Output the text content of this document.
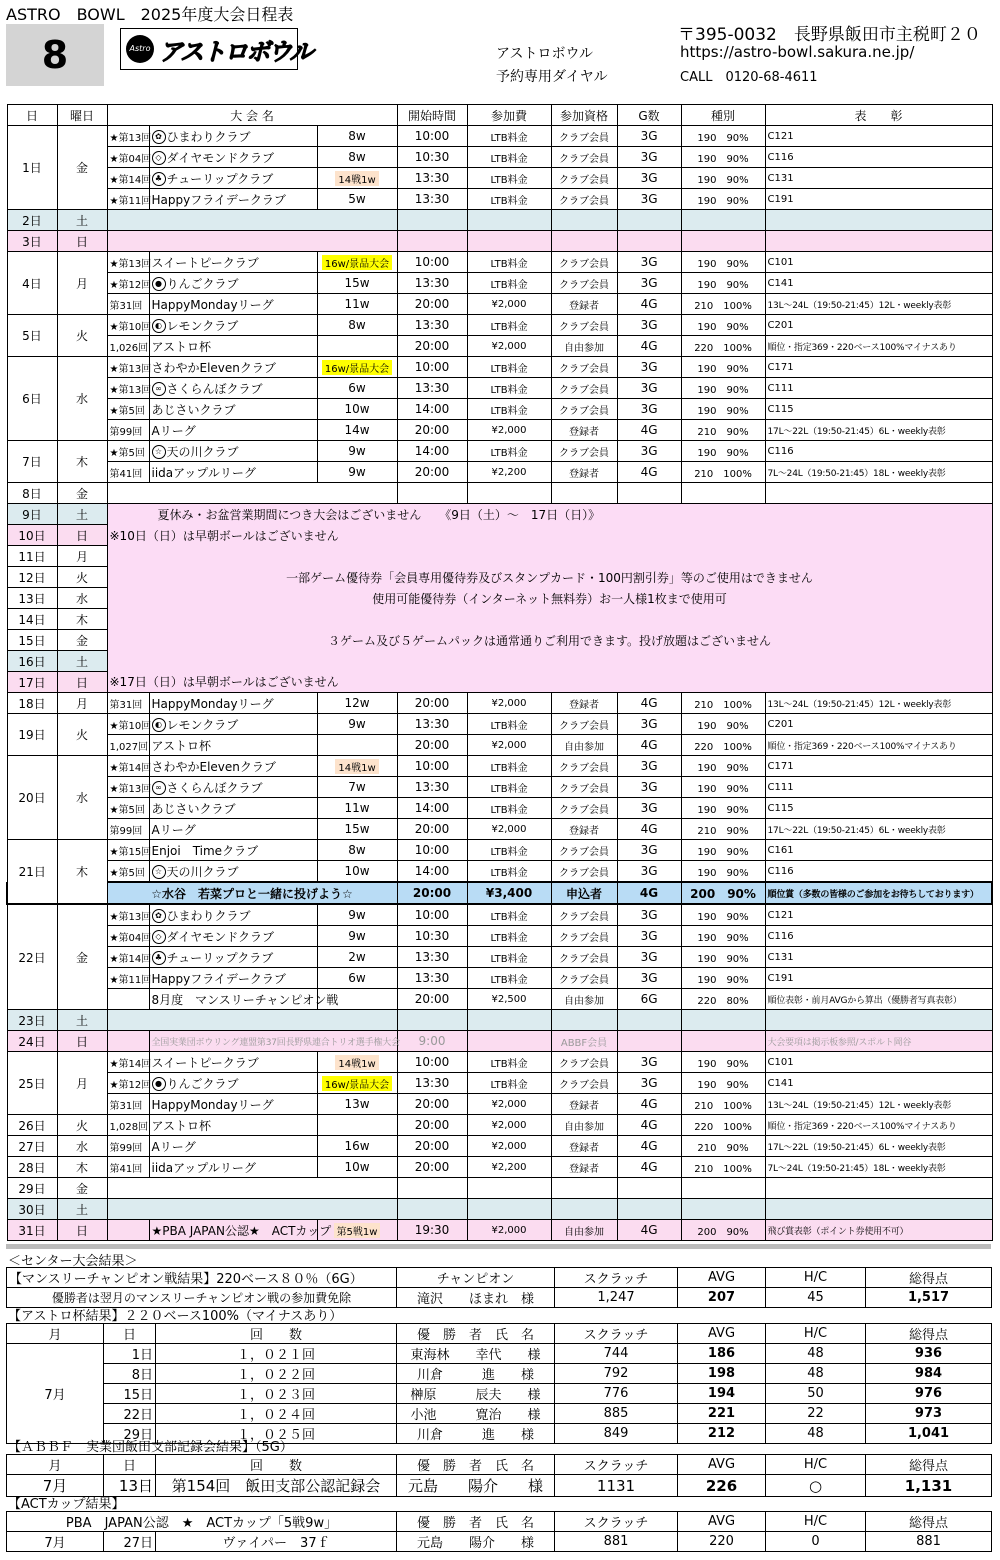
ASTRO　BOWL　2025年度大会日程表
8	Astro アストロボウル
〒395-0032　長野県飯田市主税町２０
アストロボウル	https://astro-bowl.sakura.ne.jp/
予約専用ダイヤル	CALL　0120-68-4611
日	曜日	大 会 名			開始時間	参加費	参加資格	G数	種別	表　　彰	
1日	金	★第13回	✿ ひまわりクラブ	8w	10:00	LTB料金	クラブ会員	3G	190　90%	C121	
		★第04回	◇ ダイヤモンドクラブ	8w	10:30	LTB料金	クラブ会員	3G	190　90%	C116	
		★第14回	♣ チューリップクラブ	14戦1w	13:30	LTB料金	クラブ会員	3G	190　90%	C131	
		★第11回	Happyフライデークラブ	5w	13:30	LTB料金	クラブ会員	3G	190　90%	C191	
2日	土										
3日	日										
4日	月	★第13回	スイートピークラブ	16w/景品大会	10:00	LTB料金	クラブ会員	3G	190　90%	C101	
		★第12回	● りんごクラブ	15w	13:30	LTB料金	クラブ会員	3G	190　90%	C141	
		第31回	HappyMondayリーグ	11w	20:00	¥2,000	登録者	4G	210　100%	13L～24L（19:50-21:45）12L・weekly表彰	
5日	火	★第10回	◐ レモンクラブ	8w	13:30	LTB料金	クラブ会員	3G	190　90%	C201	
		1,026回	アストロ杯		20:00	¥2,000	自由参加	4G	220　100%	順位・指定369・220ベース100%マイナスあり	
6日	水	★第13回	さわやかElevenクラブ	16w/景品大会	10:00	LTB料金	クラブ会員	3G	190　90%	C171	
		★第13回	∞ さくらんぼクラブ	6w	13:30	LTB料金	クラブ会員	3G	190　90%	C111	
		★第5回	あじさいクラブ	10w	14:00	LTB料金	クラブ会員	3G	190　90%	C115	
		第99回	Aリーグ	14w	20:00	¥2,000	登録者	4G	210　90%	17L～22L（19:50-21:45）6L・weekly表彰	
7日	木	★第5回	☆ 天の川クラブ	9w	14:00	LTB料金	クラブ会員	3G	190　90%	C116	
		第41回	iidaアップルリーグ	9w	20:00	¥2,200	登録者	4G	210　100%	7L～24L（19:50-21:45）18L・weekly表彰	
8日	金										
9日	土	夏休み・お盆営業期間につき大会はございません　　《9日（土）～　17日（日）》									
10日	日	※10日（日）は早朝ボールはございません									
11日	月										
12日	火	一部ゲーム優待券「会員専用優待券及びスタンプカード・100円割引券」等のご使用はできません									
13日	水	使用可能優待券（インターネット無料券）お一人様1枚まで使用可									
14日	木										
15日	金	３ゲーム及び５ゲームパックは通常通りご利用できます。投げ放題はございません									
16日	土										
17日	日	※17日（日）は早朝ボールはございません									
18日	月	第31回	HappyMondayリーグ	12w	20:00	¥2,000	登録者	4G	210　100%	13L～24L（19:50-21:45）12L・weekly表彰	
19日	火	★第10回	◐ レモンクラブ	9w	13:30	LTB料金	クラブ会員	3G	190　90%	C201	
		1,027回	アストロ杯		20:00	¥2,000	自由参加	4G	220　100%	順位・指定369・220ベース100%マイナスあり	
20日	水	★第14回	さわやかElevenクラブ	14戦1w	10:00	LTB料金	クラブ会員	3G	190　90%	C171	
		★第13回	∞ さくらんぼクラブ	7w	13:30	LTB料金	クラブ会員	3G	190　90%	C111	
		★第5回	あじさいクラブ	11w	14:00	LTB料金	クラブ会員	3G	190　90%	C115	
		第99回	Aリーグ	15w	20:00	¥2,000	登録者	4G	210　90%	17L～22L（19:50-21:45）6L・weekly表彰	
21日	木	★第15回	Enjoi　Timeクラブ	8w	10:00	LTB料金	クラブ会員	3G	190　90%	C161	
		★第5回	☆ 天の川クラブ	10w	14:00	LTB料金	クラブ会員	3G	190　90%	C116	
		☆水谷　若菜プロと一緒に投げよう☆			20:00	¥3,400	申込者	4G	200　90%	順位賞（多数の皆様のご参加をお待ちしております）	
22日	金	★第13回	✿ ひまわりクラブ	9w	10:00	LTB料金	クラブ会員	3G	190　90%	C121	
		★第04回	◇ ダイヤモンドクラブ	9w	10:30	LTB料金	クラブ会員	3G	190　90%	C116	
		★第14回	♣ チューリップクラブ	2w	13:30	LTB料金	クラブ会員	3G	190　90%	C131	
		★第11回	Happyフライデークラブ	6w	13:30	LTB料金	クラブ会員	3G	190　90%	C191	
			8月度　マンスリーチャンピオン戦		20:00	¥2,500	自由参加	6G	220　80%	順位表彰・前月AVGから算出（優勝者写真表彰）	
23日	土										
24日	日		全国実業団ボウリング連盟第37回長野県連合トリオ選手権大会		9:00		ABBF会員			大会要項は掲示板参照/スポルト岡谷	
25日	月	★第14回	スイートピークラブ	14戦1w	10:00	LTB料金	クラブ会員	3G	190　90%	C101	
		★第12回	● りんごクラブ	16w/景品大会	13:30	LTB料金	クラブ会員	3G	190　90%	C141	
		第31回	HappyMondayリーグ	13w	20:00	¥2,000	登録者	4G	210　100%	13L～24L（19:50-21:45）12L・weekly表彰	
26日	火	1,028回	アストロ杯		20:00	¥2,000	自由参加	4G	220　100%	順位・指定369・220ベース100%マイナスあり	
27日	水	第99回	Aリーグ	16w	20:00	¥2,000	登録者	4G	210　90%	17L～22L（19:50-21:45）6L・weekly表彰	
28日	木	第41回	iidaアップルリーグ	10w	20:00	¥2,200	登録者	4G	210　100%	7L～24L（19:50-21:45）18L・weekly表彰	
29日	金										
30日	土										
31日	日		★PBA JAPAN公認★　ACTカップ	第5戦1w	19:30	¥2,000	自由参加	4G	200　90%	飛び賞表彰（ポイント券使用不可）	
＜センター大会結果＞
【マンスリーチャンピオン戦結果】220ベース８０％（6G）	チャンピオン	スクラッチ	AVG	H/C	総得点
優勝者は翌月のマンスリーチャンピオン戦の参加費免除	滝沢　　ほまれ　様	1,247	207	45	1,517
【アストロ杯結果】２２０ベース100%（マイナスあり）
月	日	回　　数	優　勝　者　氏　名	スクラッチ	AVG	H/C	総得点
7月	1日	１，０２１回	東海林　　幸代　　様	744	186	48	936
	8日	１，０２２回	川倉　　　進　　様	792	198	48	984
	15日	１，０２３回	榊原　　　辰夫　　様	776	194	50	976
	22日	１，０２４回	小池　　　寛治　　様	885	221	22	973
	29日	１，０２５回	川倉　　　進　　様	849	212	48	1,041
【ＡＢＢＦ　実業団飯田支部記録会結果】（5G）
月	日	回　　数	優　勝　者　氏　名	スクラッチ	AVG	H/C	総得点
7月	13日	第154回　飯田支部公認記録会	元島　　陽介　　様	1131	226	○	1,131
【ACTカップ結果】
PBA　JAPAN公認　★　ACTカップ「5戦9w」			優　勝　者　氏　名	スクラッチ	AVG	H/C	総得点
7月	27日	ヴァイパー　37ｆ	元島　　陽介　　様	881	220	0	881
